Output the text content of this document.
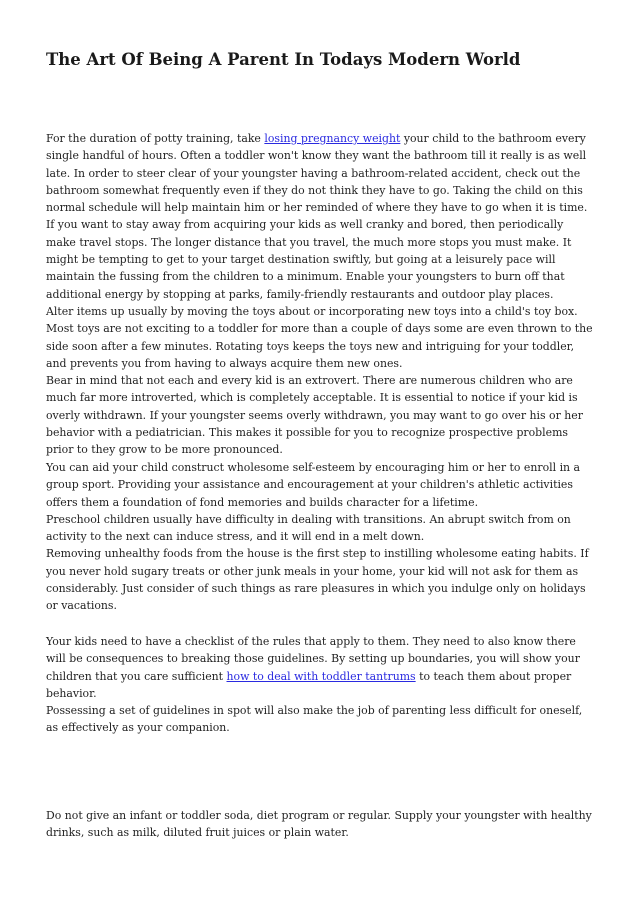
The Art Of Being A Parent In Todays Modern World

For the duration of potty training, take losing pregnancy weight your child to the bathroom every single handful of hours. Often a toddler won't know they want the bathroom till it really is as well late. In order to steer clear of your youngster having a bathroom-related accident, check out the bathroom somewhat frequently even if they do not think they have to go. Taking the child on this normal schedule will help maintain him or her reminded of where they have to go when it is time.

If you want to stay away from acquiring your kids as well cranky and bored, then periodically make travel stops. The longer distance that you travel, the much more stops you must make. It might be tempting to get to your target destination swiftly, but going at a leisurely pace will maintain the fussing from the children to a minimum. Enable your youngsters to burn off that additional energy by stopping at parks, family-friendly restaurants and outdoor play places.

Alter items up usually by moving the toys about or incorporating new toys into a child's toy box. Most toys are not exciting to a toddler for more than a couple of days some are even thrown to the side soon after a few minutes. Rotating toys keeps the toys new and intriguing for your toddler, and prevents you from having to always acquire them new ones.

Bear in mind that not each and every kid is an extrovert. There are numerous children who are much far more introverted, which is completely acceptable. It is essential to notice if your kid is overly withdrawn. If your youngster seems overly withdrawn, you may want to go over his or her behavior with a pediatrician. This makes it possible for you to recognize prospective problems prior to they grow to be more pronounced.

You can aid your child construct wholesome self-esteem by encouraging him or her to enroll in a group sport. Providing your assistance and encouragement at your children's athletic activities offers them a foundation of fond memories and builds character for a lifetime.

Preschool children usually have difficulty in dealing with transitions. An abrupt switch from on activity to the next can induce stress, and it will end in a melt down.

Removing unhealthy foods from the house is the first step to instilling wholesome eating habits. If you never hold sugary treats or other junk meals in your home, your kid will not ask for them as considerably. Just consider of such things as rare pleasures in which you indulge only on holidays or vacations.

Your kids need to have a checklist of the rules that apply to them. They need to also know there will be consequences to breaking those guidelines. By setting up boundaries, you will show your children that you care sufficient how to deal with toddler tantrums to teach them about proper behavior.

Possessing a set of guidelines in spot will also make the job of parenting less difficult for oneself, as effectively as your companion.

Do not give an infant or toddler soda, diet program or regular. Supply your youngster with healthy drinks, such as milk, diluted fruit juices or plain water.
